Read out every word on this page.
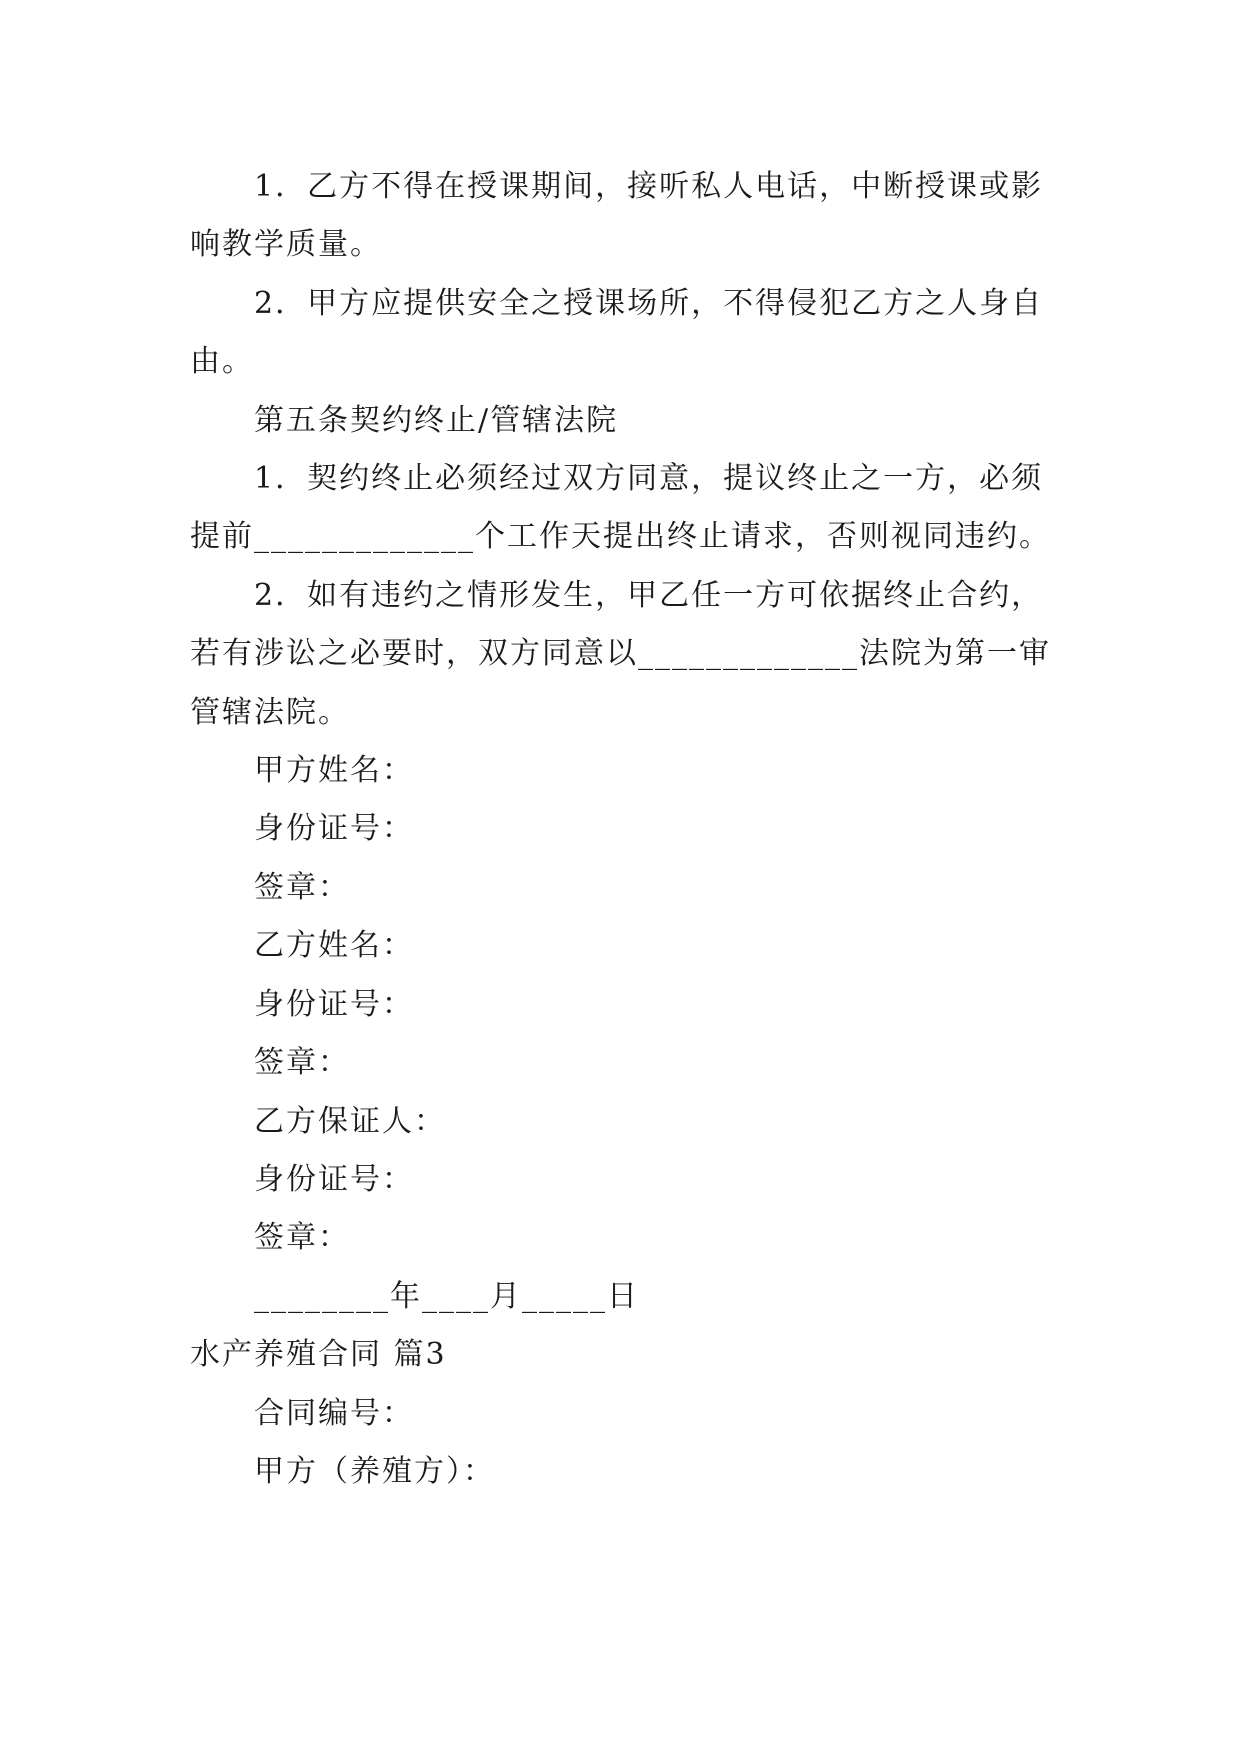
1．乙方不得在授课期间，接听私人电话，中断授课或影响教学质量。

2．甲方应提供安全之授课场所，不得侵犯乙方之人身自由。

第五条契约终止/管辖法院

1．契约终止必须经过双方同意，提议终止之一方，必须提前_____________个工作天提出终止请求，否则视同违约。

2．如有违约之情形发生，甲乙任一方可依据终止合约，若有涉讼之必要时，双方同意以_____________法院为第一审管辖法院。

甲方姓名：

身份证号：

签章：

乙方姓名：

身份证号：

签章：

乙方保证人：

身份证号：

签章：

________年____月_____日

水产养殖合同 篇3

合同编号：

甲方（养殖方）：
